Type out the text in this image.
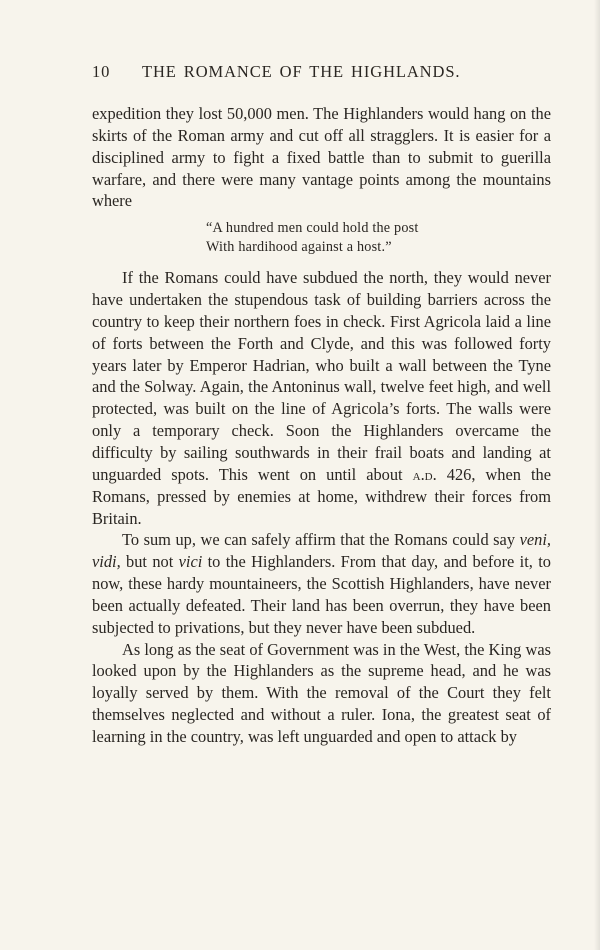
10 THE ROMANCE OF THE HIGHLANDS.

expedition they lost 50,000 men. The Highlanders would hang on the skirts of the Roman army and cut off all stragglers. It is easier for a disciplined army to fight a fixed battle than to submit to guerilla warfare, and there were many vantage points among the mountains where

“A hundred men could hold the post
With hardihood against a host.”

If the Romans could have subdued the north, they would never have undertaken the stupendous task of building barriers across the country to keep their northern foes in check. First Agricola laid a line of forts between the Forth and Clyde, and this was followed forty years later by Emperor Hadrian, who built a wall between the Tyne and the Solway. Again, the Antoninus wall, twelve feet high, and well protected, was built on the line of Agricola’s forts. The walls were only a temporary check. Soon the Highlanders overcame the difficulty by sailing southwards in their frail boats and landing at unguarded spots. This went on until about a.d. 426, when the Romans, pressed by enemies at home, withdrew their forces from Britain.

To sum up, we can safely affirm that the Romans could say veni, vidi, but not vici to the Highlanders. From that day, and before it, to now, these hardy mountaineers, the Scottish Highlanders, have never been actually defeated. Their land has been overrun, they have been subjected to privations, but they never have been subdued.

As long as the seat of Government was in the West, the King was looked upon by the Highlanders as the supreme head, and he was loyally served by them. With the removal of the Court they felt themselves neglected and without a ruler. Iona, the greatest seat of learning in the country, was left unguarded and open to attack by
